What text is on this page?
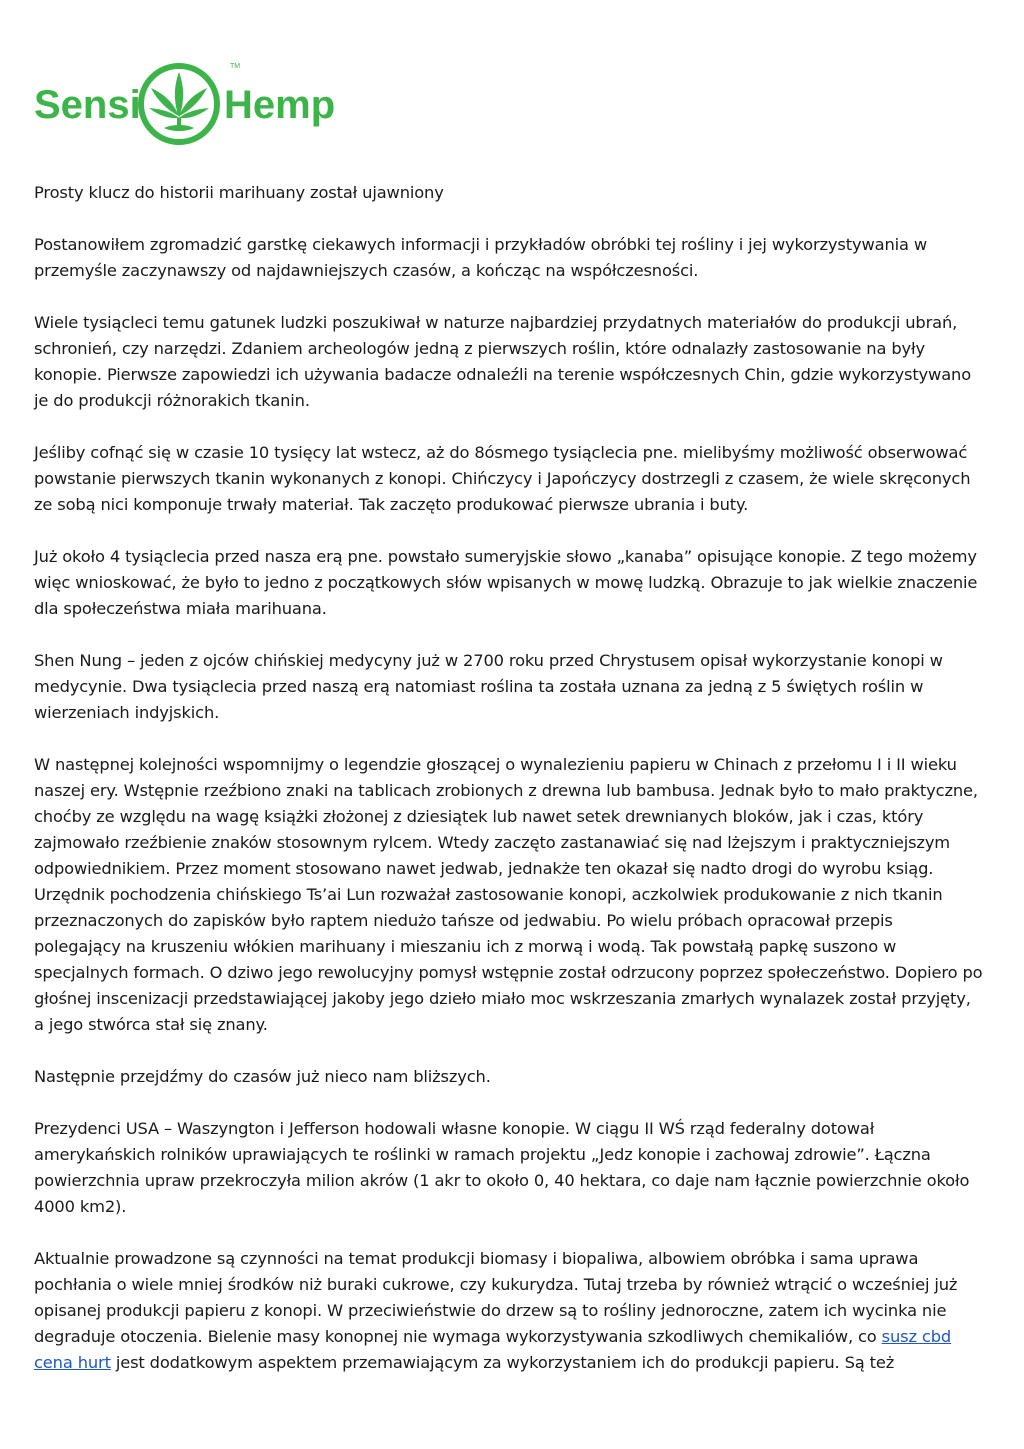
Sensi
TM
Hemp

Prosty klucz do historii marihuany został ujawniony

Postanowiłem zgromadzić garstkę ciekawych informacji i przykładów obróbki tej rośliny i jej wykorzystywania w przemyśle zaczynawszy od najdawniejszych czasów, a kończąc na współczesności.

Wiele tysiącleci temu gatunek ludzki poszukiwał w naturze najbardziej przydatnych materiałów do produkcji ubrań, schronień, czy narzędzi. Zdaniem archeologów jedną z pierwszych roślin, które odnalazły zastosowanie na były konopie. Pierwsze zapowiedzi ich używania badacze odnaleźli na terenie współczesnych Chin, gdzie wykorzystywano je do produkcji różnorakich tkanin.

Jeśliby cofnąć się w czasie 10 tysięcy lat wstecz, aż do 8ósmego tysiąclecia pne. mielibyśmy możliwość obserwować powstanie pierwszych tkanin wykonanych z konopi. Chińczycy i Japończycy dostrzegli z czasem, że wiele skręconych ze sobą nici komponuje trwały materiał. Tak zaczęto produkować pierwsze ubrania i buty.

Już około 4 tysiąclecia przed nasza erą pne. powstało sumeryjskie słowo „kanaba” opisujące konopie. Z tego możemy więc wnioskować, że było to jedno z początkowych słów wpisanych w mowę ludzką. Obrazuje to jak wielkie znaczenie dla społeczeństwa miała marihuana.

Shen Nung – jeden z ojców chińskiej medycyny już w 2700 roku przed Chrystusem opisał wykorzystanie konopi w medycynie. Dwa tysiąclecia przed naszą erą natomiast roślina ta została uznana za jedną z 5 świętych roślin w wierzeniach indyjskich.

W następnej kolejności wspomnijmy o legendzie głoszącej o wynalezieniu papieru w Chinach z przełomu I i II wieku naszej ery. Wstępnie rzeźbiono znaki na tablicach zrobionych z drewna lub bambusa. Jednak było to mało praktyczne, choćby ze względu na wagę książki złożonej z dziesiątek lub nawet setek drewnianych bloków, jak i czas, który zajmowało rzeźbienie znaków stosownym rylcem. Wtedy zaczęto zastanawiać się nad lżejszym i praktyczniejszym odpowiednikiem. Przez moment stosowano nawet jedwab, jednakże ten okazał się nadto drogi do wyrobu ksiąg. Urzędnik pochodzenia chińskiego Ts’ai Lun rozważał zastosowanie konopi, aczkolwiek produkowanie z nich tkanin przeznaczonych do zapisków było raptem niedużo tańsze od jedwabiu. Po wielu próbach opracował przepis polegający na kruszeniu włókien marihuany i mieszaniu ich z morwą i wodą. Tak powstałą papkę suszono w specjalnych formach. O dziwo jego rewolucyjny pomysł wstępnie został odrzucony poprzez społeczeństwo. Dopiero po głośnej inscenizacji przedstawiającej jakoby jego dzieło miało moc wskrzeszania zmarłych wynalazek został przyjęty, a jego stwórca stał się znany.

Następnie przejdźmy do czasów już nieco nam bliższych.

Prezydenci USA – Waszyngton i Jefferson hodowali własne konopie. W ciągu II WŚ rząd federalny dotował amerykańskich rolników uprawiających te roślinki w ramach projektu „Jedz konopie i zachowaj zdrowie”. Łączna powierzchnia upraw przekroczyła milion akrów (1 akr to około 0, 40 hektara, co daje nam łącznie powierzchnie około 4000 km2).

Aktualnie prowadzone są czynności na temat produkcji biomasy i biopaliwa, albowiem obróbka i sama uprawa pochłania o wiele mniej środków niż buraki cukrowe, czy kukurydza. Tutaj trzeba by również wtrącić o wcześniej już opisanej produkcji papieru z konopi. W przeciwieństwie do drzew są to rośliny jednoroczne, zatem ich wycinka nie degraduje otoczenia. Bielenie masy konopnej nie wymaga wykorzystywania szkodliwych chemikaliów, co susz cbd cena hurt jest dodatkowym aspektem przemawiającym za wykorzystaniem ich do produkcji papieru. Są też
